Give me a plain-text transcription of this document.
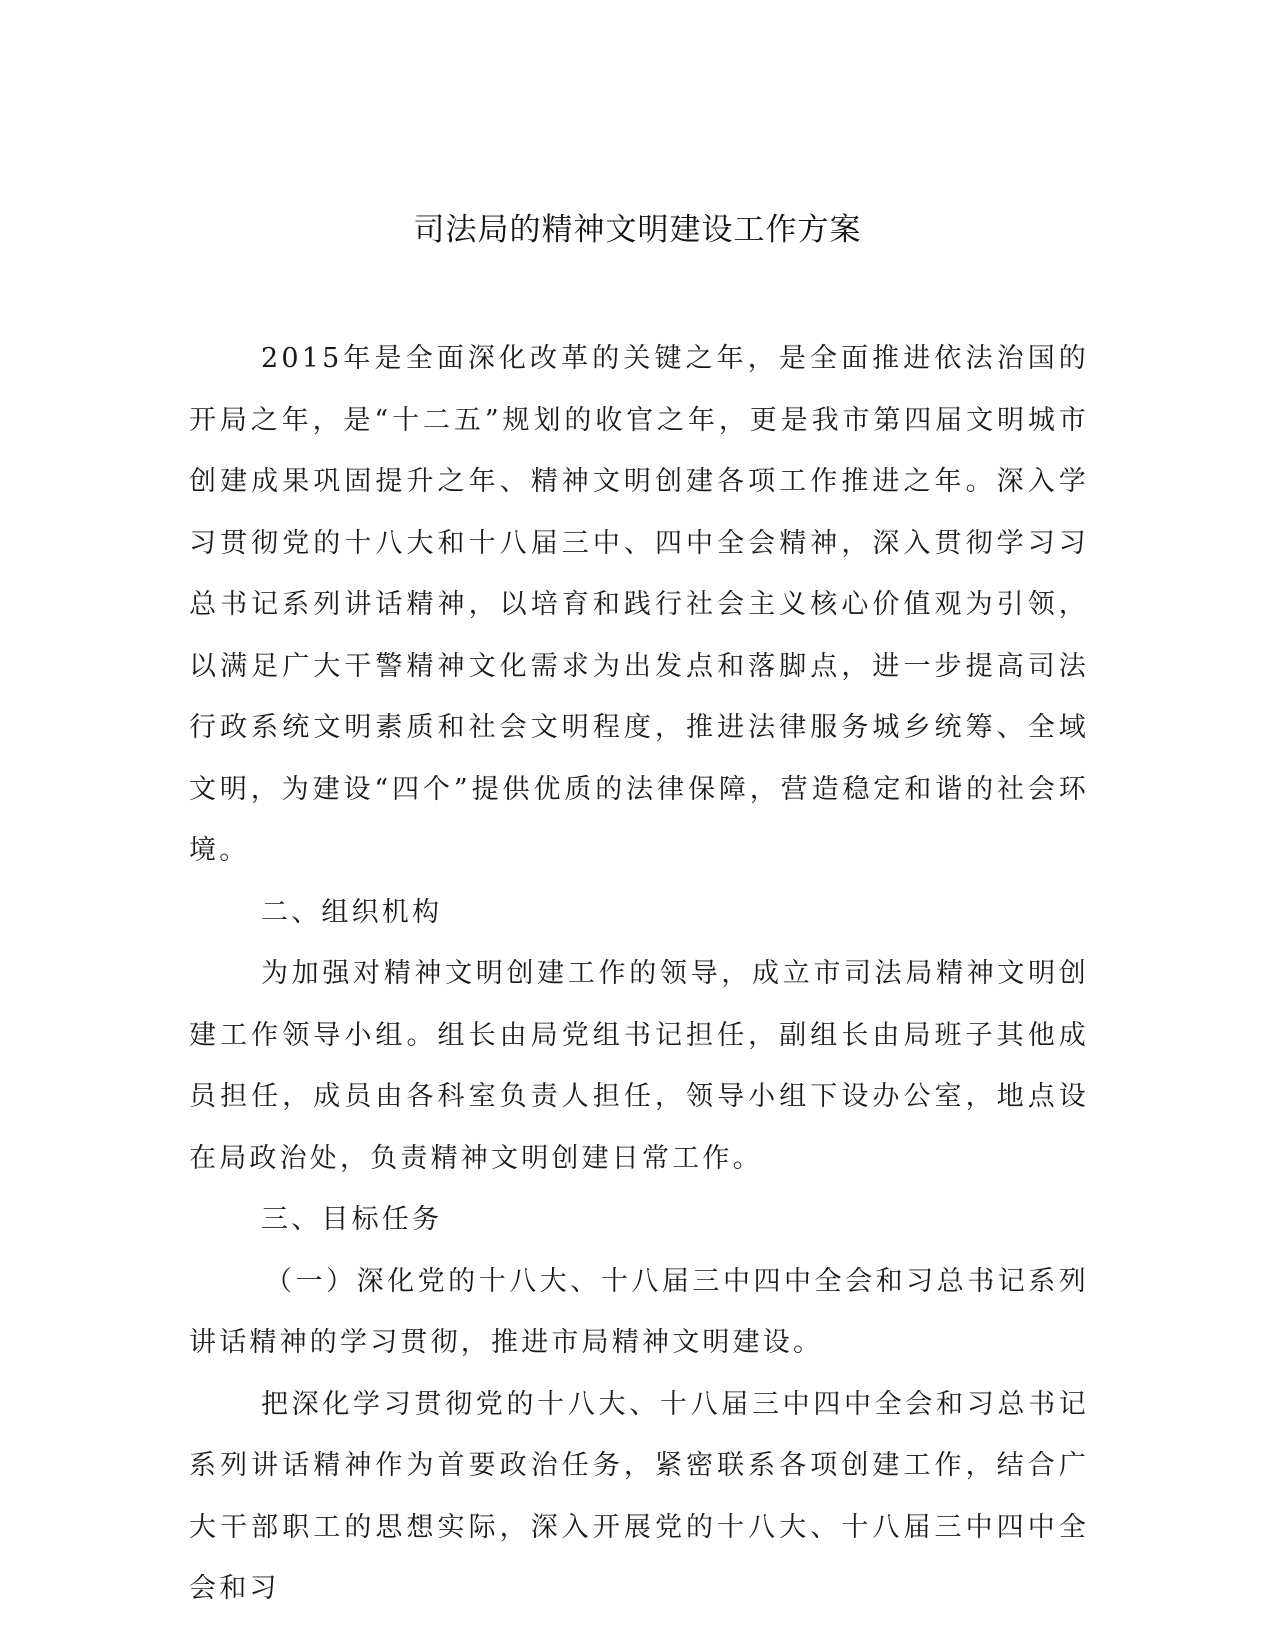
司法局的精神文明建设工作方案

2015年是全面深化改革的关键之年，是全面推进依法治国的开局之年，是“十二五”规划的收官之年，更是我市第四届文明城市创建成果巩固提升之年、精神文明创建各项工作推进之年。深入学习贯彻党的十八大和十八届三中、四中全会精神，深入贯彻学习习总书记系列讲话精神，以培育和践行社会主义核心价值观为引领，以满足广大干警精神文化需求为出发点和落脚点，进一步提高司法行政系统文明素质和社会文明程度，推进法律服务城乡统筹、全域文明，为建设“四个”提供优质的法律保障，营造稳定和谐的社会环境。

二、组织机构

为加强对精神文明创建工作的领导，成立市司法局精神文明创建工作领导小组。组长由局党组书记担任，副组长由局班子其他成员担任，成员由各科室负责人担任，领导小组下设办公室，地点设在局政治处，负责精神文明创建日常工作。

三、目标任务

（一）深化党的十八大、十八届三中四中全会和习总书记系列讲话精神的学习贯彻，推进市局精神文明建设。

把深化学习贯彻党的十八大、十八届三中四中全会和习总书记系列讲话精神作为首要政治任务，紧密联系各项创建工作，结合广大干部职工的思想实际，深入开展党的十八大、十八届三中四中全会和习
